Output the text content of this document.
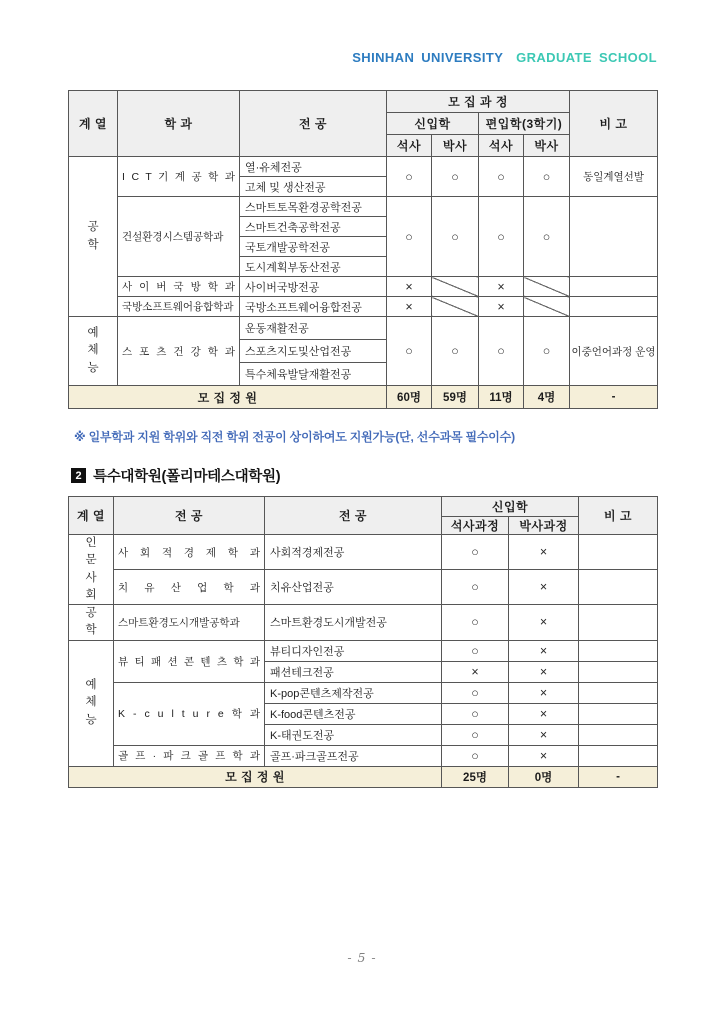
SHINHAN UNIVERSITY GRADUATE SCHOOL
계 열	학 과	전 공	모 집 과 정				비 고
			신입학		편입학(3학기)		
			석사	박사	석사	박사	
공학	I C T 기 계 공 학 과	열·유체전공	○	○	○	○	동일계열선발
		고체 및 생산전공					
	건설환경시스템공학과	스마트토목환경공학전공	○	○	○	○	
		스마트건축공학전공					
		국토개발공학전공					
		도시계획부동산전공					
	사 이 버 국 방 학 과	사이버국방전공	×		×		
	국방소프트웨어융합학과	국방소프트웨어융합전공	×		×		
예체능	스 포 츠 건 강 학 과	운동재활전공	○	○	○	○	이중언어과정 운영
		스포츠지도및산업전공					
		특수체육발달재활전공					
모 집 정 원			60명	59명	11명	4명	-
※ 일부학과 지원 학위와 직전 학위 전공이 상이하여도 지원가능(단, 선수과목 필수이수)
2 특수대학원(폴리마테스대학원)
계 열	전 공	전 공	신입학		비 고
			석사과정	박사과정	
인문사회	사 회 적 경 제 학 과	사회적경제전공	○	×	
	치 유 산 업 학 과	치유산업전공	○	×	
공학	스마트환경도시개발공학과	스마트환경도시개발전공	○	×	
예체능	뷰 티 패 션 콘 텐 츠 학 과	뷰티디자인전공	○	×	
		패션테크전공	×	×	
	K - c u l t u r e 학 과	K-pop콘텐츠제작전공	○	×	
		K-food콘텐츠전공	○	×	
		K-태권도전공	○	×	
	골 프 · 파 크 골 프 학 과	골프·파크골프전공	○	×	
모 집 정 원			25명	0명	-
- 5 -
